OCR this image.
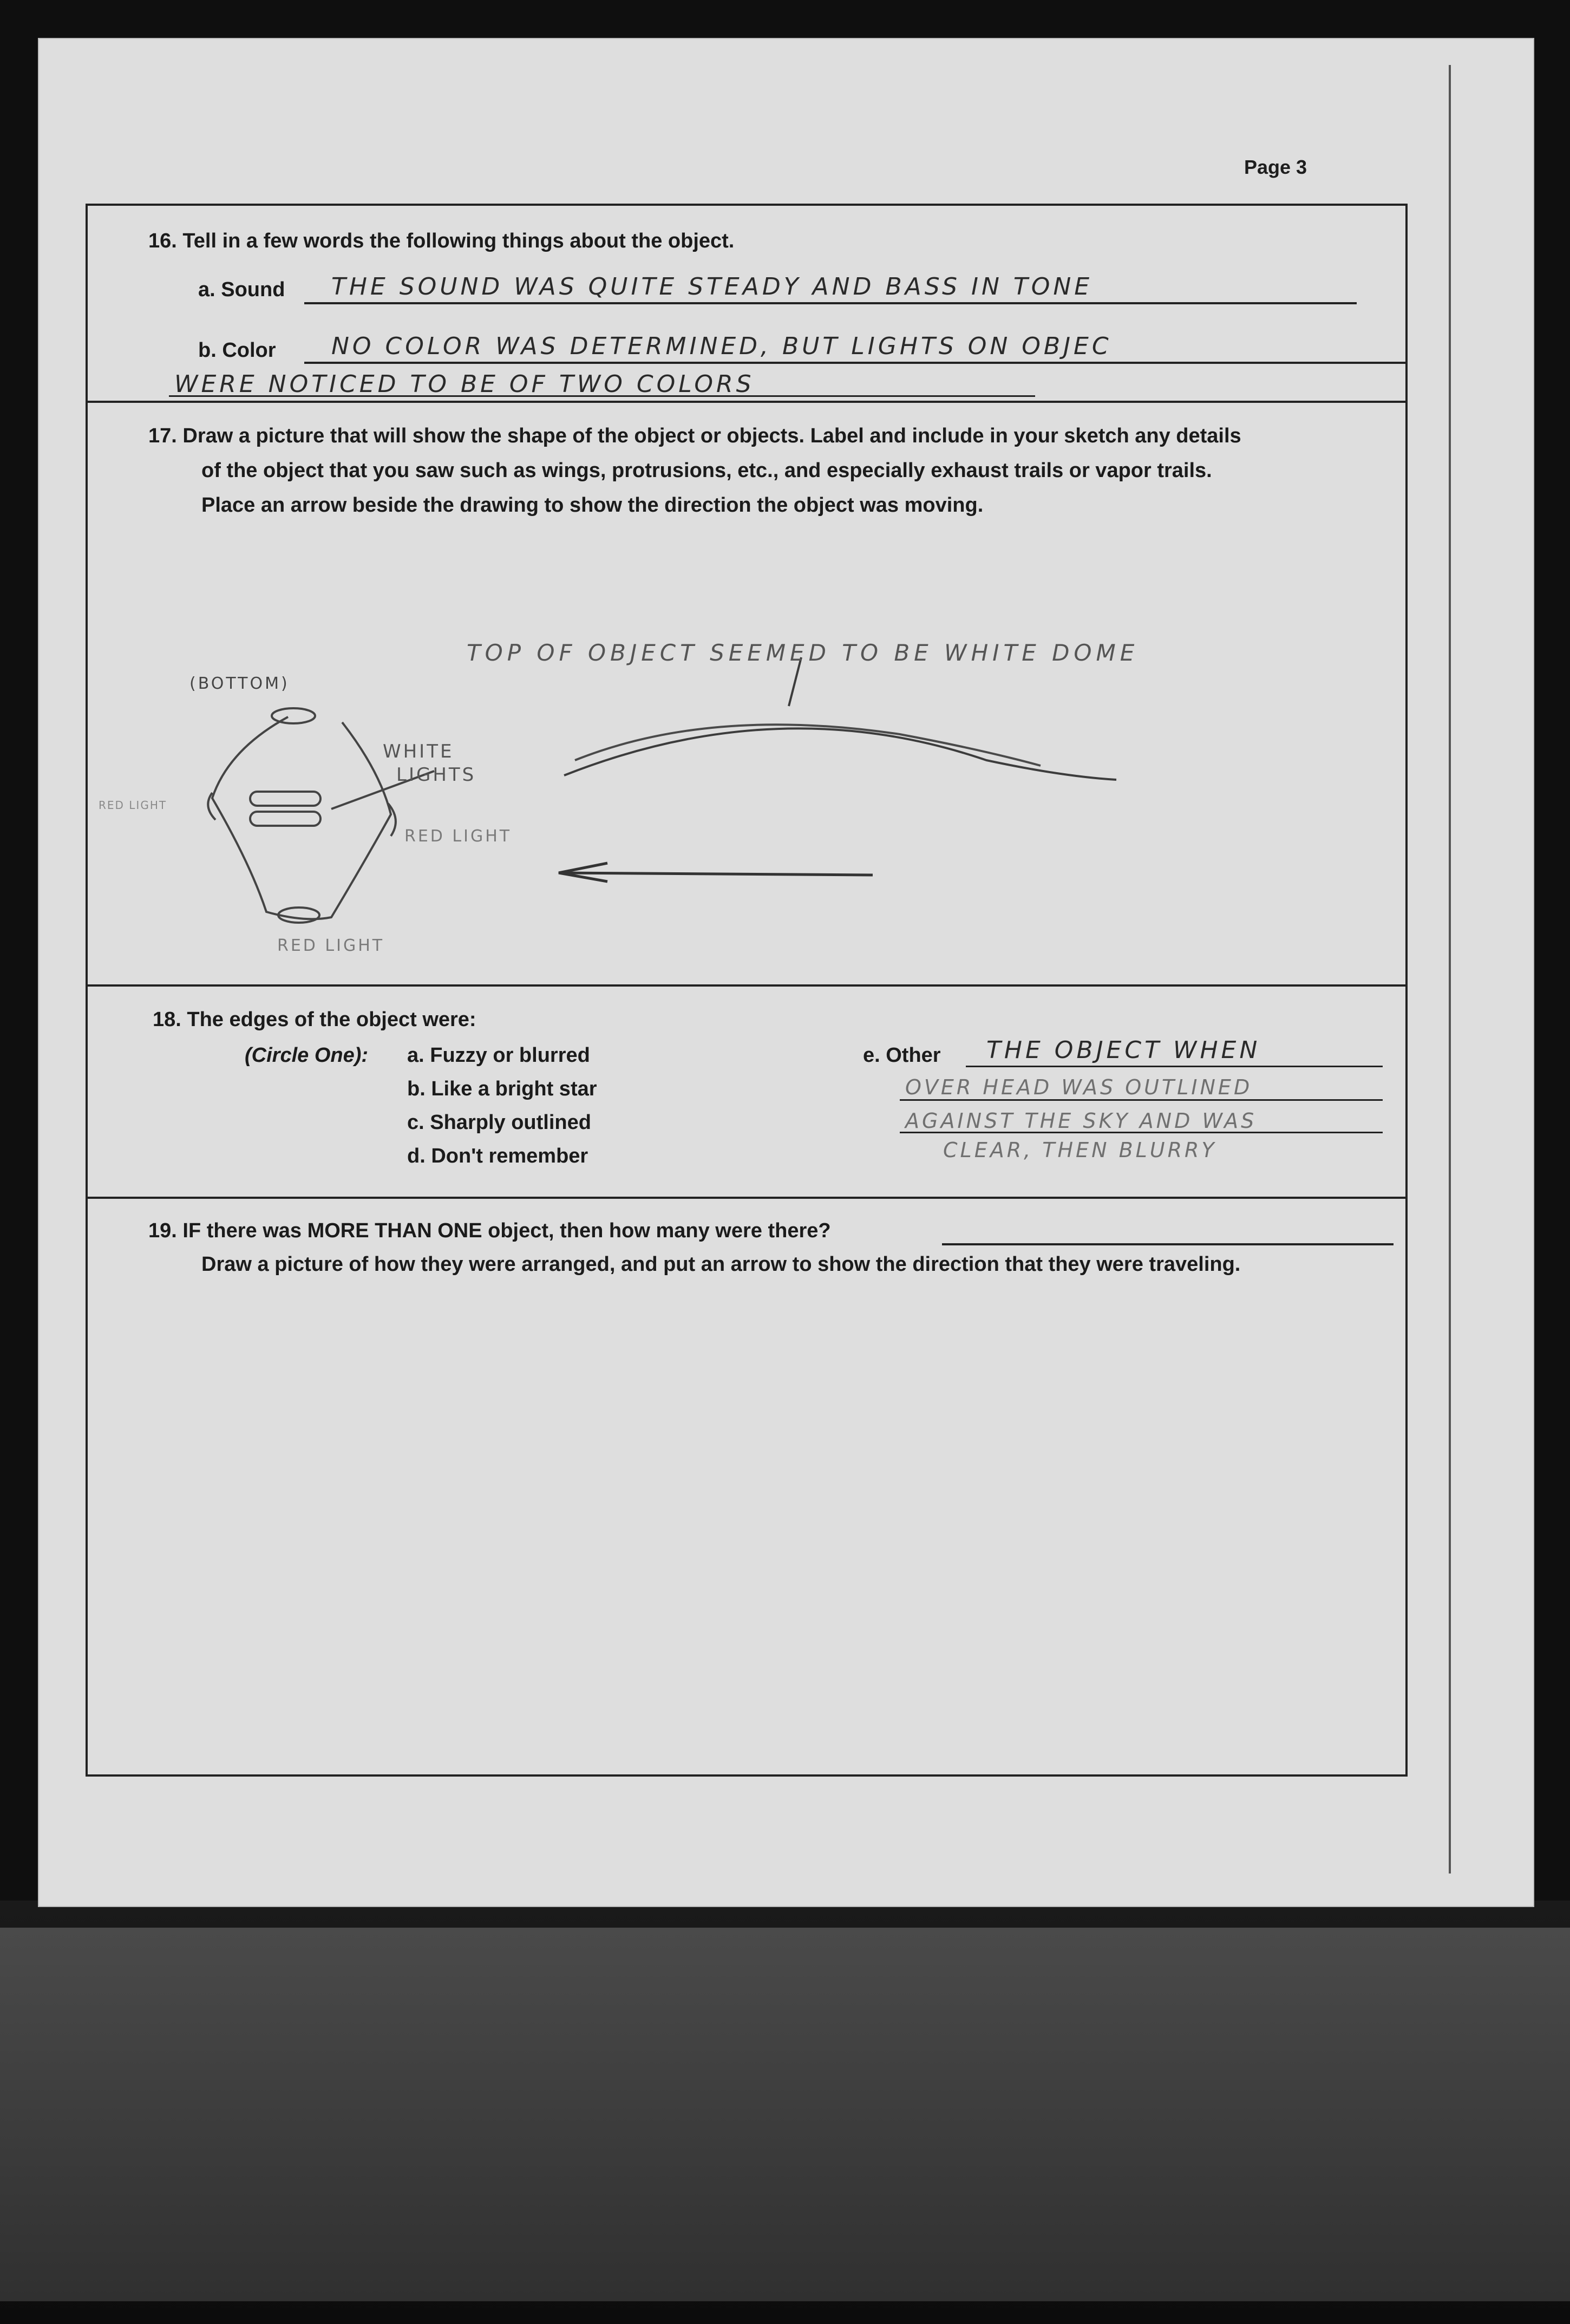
Page 3
16. Tell in a few words the following things about the object.
a. Sound THE SOUND WAS QUITE STEADY AND BASS IN TONE
b. Color NO COLOR WAS DETERMINED, BUT LIGHTS ON OBJEC
WERE NOTICED TO BE OF TWO COLORS
17. Draw a picture that will show the shape of the object or objects. Label and include in your sketch any details
of the object that you saw such as wings, protrusions, etc., and especially exhaust trails or vapor trails.
Place an arrow beside the drawing to show the direction the object was moving.
TOP OF OBJECT SEEMED TO BE WHITE DOME
(BOTTOM)
WHITE
LIGHTS
RED LIGHT
RED LIGHT
RED LIGHT
18. The edges of the object were:
(Circle One): a. Fuzzy or blurred
b. Like a bright star
c. Sharply outlined
d. Don't remember
e. Other THE OBJECT WHEN
OVER HEAD WAS OUTLINED
AGAINST THE SKY AND WAS
CLEAR, THEN BLURRY
19. IF there was MORE THAN ONE object, then how many were there?
Draw a picture of how they were arranged, and put an arrow to show the direction that they were traveling.
